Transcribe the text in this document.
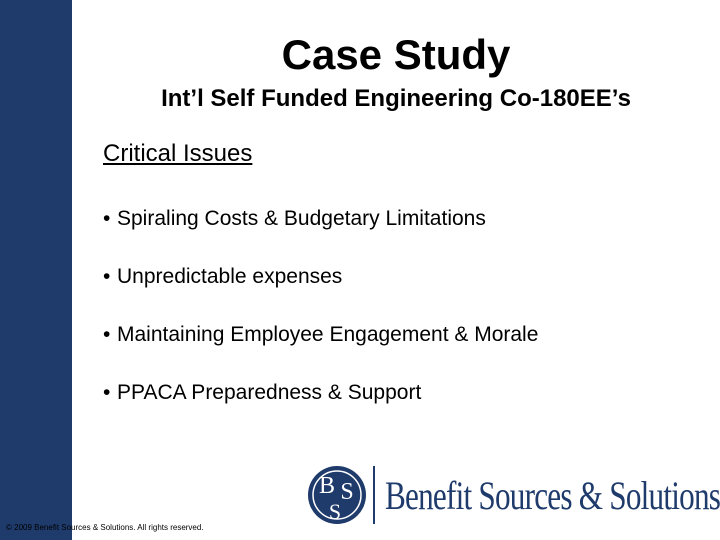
Case Study
Int’l Self Funded Engineering Co-180EE’s
Critical Issues
• Spiraling Costs & Budgetary Limitations
• Unpredictable expenses
• Maintaining Employee Engagement & Morale
• PPACA Preparedness & Support
B S
S Benefit Sources & Solutions
© 2009 Benefit Sources & Solutions. All rights reserved.
